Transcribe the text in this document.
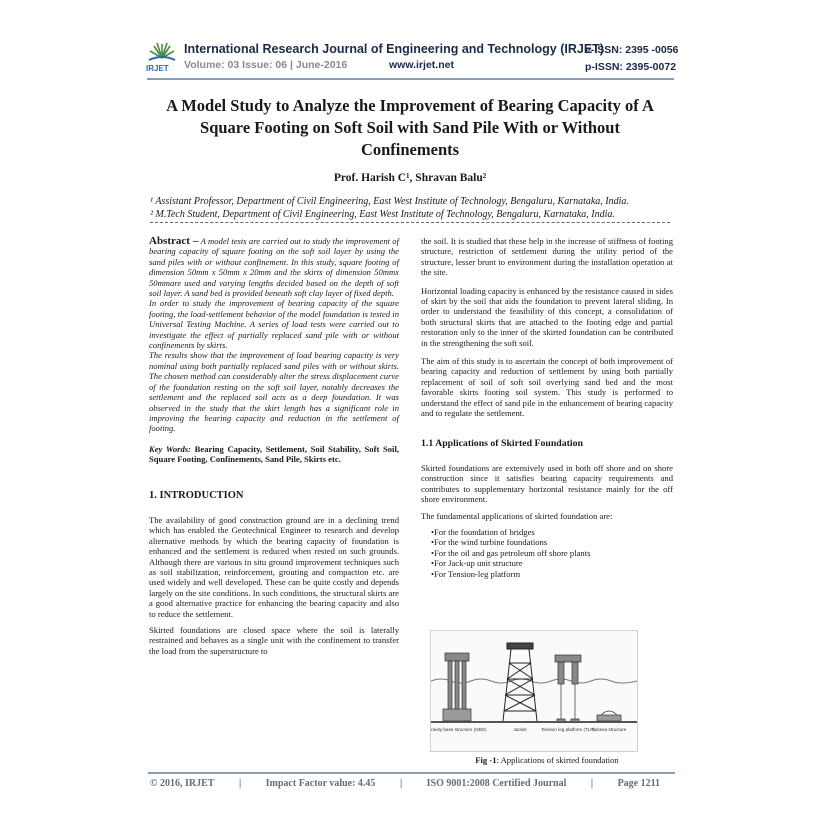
IRJET
International Research Journal of Engineering and Technology (IRJET)
Volume: 03 Issue: 06 | June-2016	www.irjet.net
e-ISSN: 2395 -0056
p-ISSN: 2395-0072
A Model Study to Analyze the Improvement of Bearing Capacity of A Square Footing on Soft Soil with Sand Pile With or Without Confinements
Prof. Harish C¹, Shravan Balu²
¹ Assistant Professor, Department of Civil Engineering, East West Institute of Technology, Bengaluru, Karnataka, India.
² M.Tech Student, Department of Civil Engineering, East West Institute of Technology, Bengaluru, Karnataka, India.

Abstract – A model tests are carried out to study the improvement of bearing capacity of square footing on the soft soil layer by using the sand piles with or without confinement. In this study, square footing of dimension 50mm x 50mm x 20mm and the skirts of dimension 50mmx 50mmare used and varying lengths decided based on the depth of soft soil layer. A sand bed is provided beneath soft clay layer of fixed depth.

In order to study the improvement of bearing capacity of the square footing, the load-settlement behavior of the model foundation is tested in Universal Testing Machine. A series of load tests were carried out to investigate the effect of partially replaced sand pile with or without confinements by skirts.

The results show that the improvement of load bearing capacity is very nominal using both partially replaced sand piles with or without skirts. The chosen method can considerably alter the stress displacement curve of the foundation resting on the soft soil layer, notably decreases the settlement and the replaced soil acts as a deep foundation. It was observed in the study that the skirt length has a significant role in improving the bearing capacity and reduction in the settlement of footing.

Key Words: Bearing Capacity, Settlement, Soil Stability, Soft Soil, Square Footing, Confinements, Sand Pile, Skirts etc.

1. INTRODUCTION

The availability of good construction ground are in a declining trend which has enabled the Geotechnical Engineer to research and develop alternative methods by which the bearing capacity of foundation is enhanced and the settlement is reduced when rested on such grounds. Although there are various in situ ground improvement techniques such as soil stabilization, reinforcement, grouting and compaction etc. are used widely and well developed. These can be quite costly and depends largely on the site conditions. In such conditions, the structural skirts are a good alternative practice for enhancing the bearing capacity and also to reduce the settlement.

Skirted foundations are closed space where the soil is laterally restrained and behaves as a single unit with the confinement to transfer the load from the superstructure to

the soil. It is studied that these help in the increase of stiffness of footing structure, restriction of settlement during the utility period of the structure, lesser brunt to environment during the installation operation at the site.

Horizontal loading capacity is enhanced by the resistance caused in sides of skirt by the soil that aids the foundation to prevent lateral sliding. In order to understand the feasibility of this concept, a consolidation of both structural skirts that are attached to the footing edge and partial restoration only to the inner of the skirted foundation can be contributed in the strengthening the soft soil.

The aim of this study is to ascertain the concept of both improvement of bearing capacity and reduction of settlement by using both partially replacement of soil of soft soil overlying sand bed and the most favorable skirts footing soil system. This study is performed to understand the effect of sand pile in the enhancement of bearing capacity and to regulate the settlement.

1.1 Applications of Skirted Foundation

Skirted foundations are extensively used in both off shore and on shore construction since it satisfies bearing capacity requirements and contributes to supplementary horizontal resistance mainly for the off shore environment.

The fundamental applications of skirted foundation are:

• For the foundation of bridges
• For the wind turbine foundations
• For the oil and gas petroleum off shore plants
• For Jack-up unit structure
• For Tension-leg platform
Gravity base structure (GBS)	Jacket	Tension leg platform (TLP)
Subsea structure
Fig -1: Applications of skirted foundation
© 2016, IRJET | Impact Factor value: 4.45 | ISO 9001:2008 Certified Journal | Page 1211
